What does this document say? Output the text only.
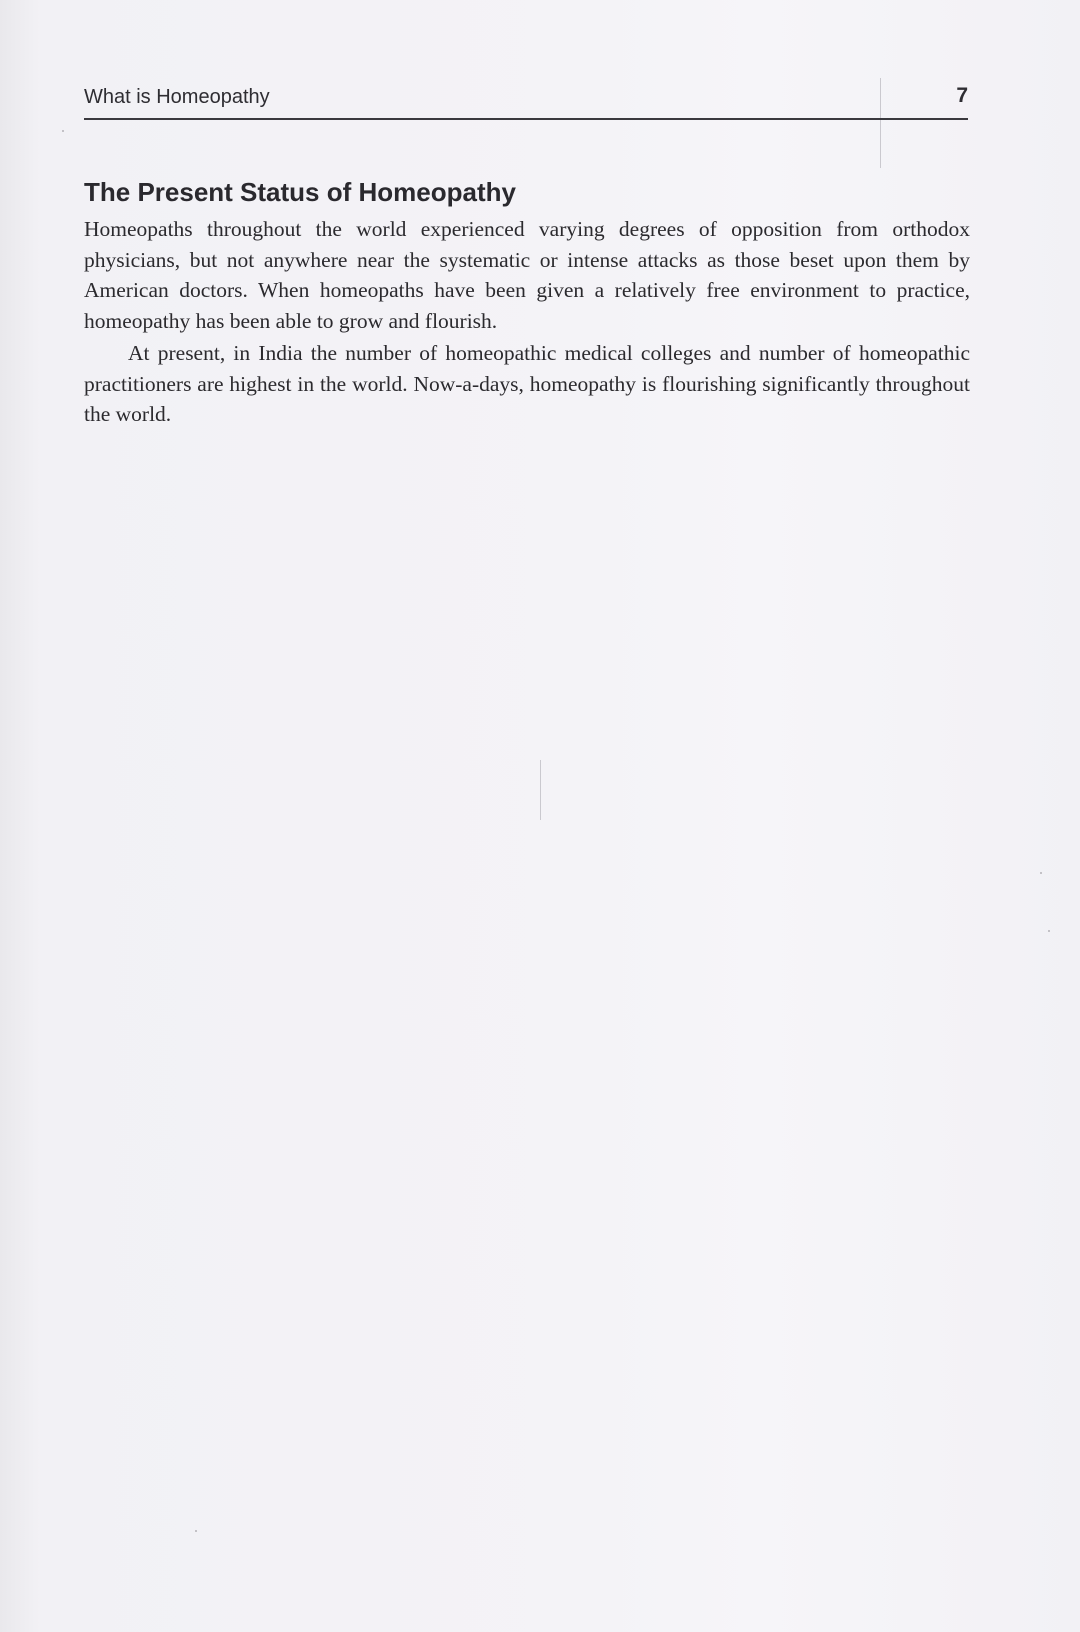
What is Homeopathy	7
The Present Status of Homeopathy

Homeopaths throughout the world experienced varying degrees of opposition from orthodox physicians, but not anywhere near the systematic or intense attacks as those beset upon them by American doctors. When homeopaths have been given a relatively free environment to practice, homeopathy has been able to grow and flourish.

At present, in India the number of homeopathic medical colleges and number of homeopathic practitioners are highest in the world. Now-a-days, homeopathy is flourishing significantly throughout the world.
